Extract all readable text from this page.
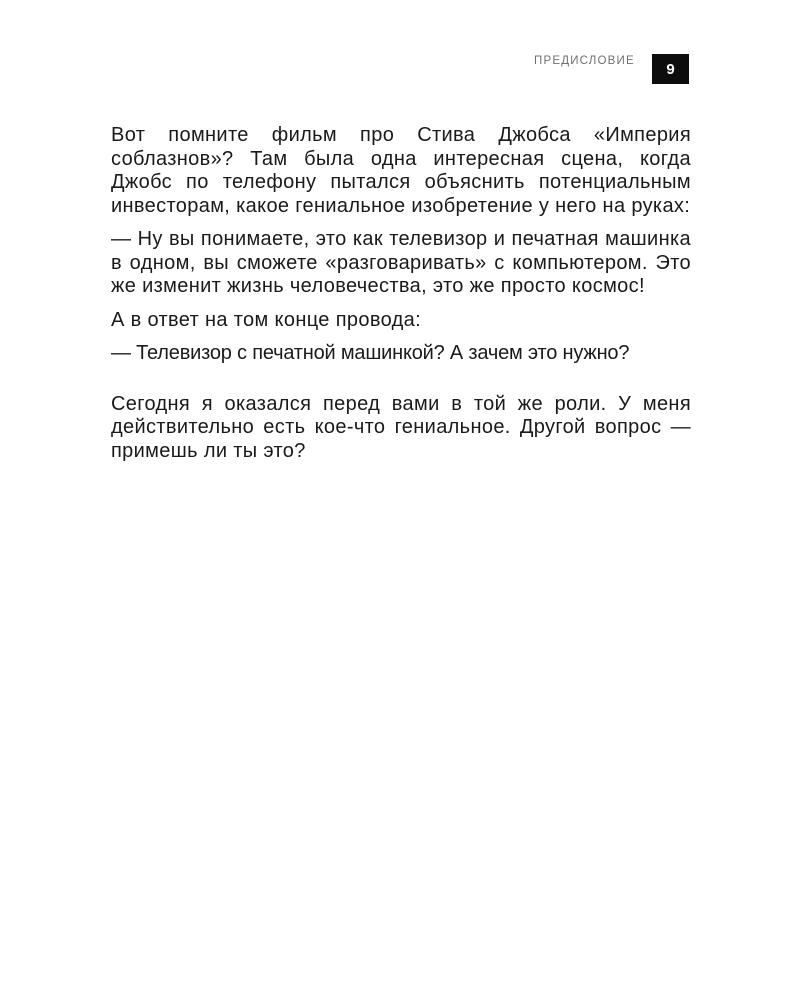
ПРЕДИСЛОВИЕ	9

Вот помните фильм про Стива Джобса «Империя соблазнов»? Там была одна интересная сцена, когда Джобс по телефону пытался объяснить потенциальным инвесторам, какое гениальное изобретение у него на руках:

— Ну вы понимаете, это как телевизор и печатная машинка в одном, вы сможете «разговаривать» с компьютером. Это же изменит жизнь человечества, это же просто космос!

А в ответ на том конце провода:

— Телевизор с печатной машинкой? А зачем это нужно?

Сегодня я оказался перед вами в той же роли. У меня действительно есть кое-что гениальное. Другой вопрос — примешь ли ты это?
